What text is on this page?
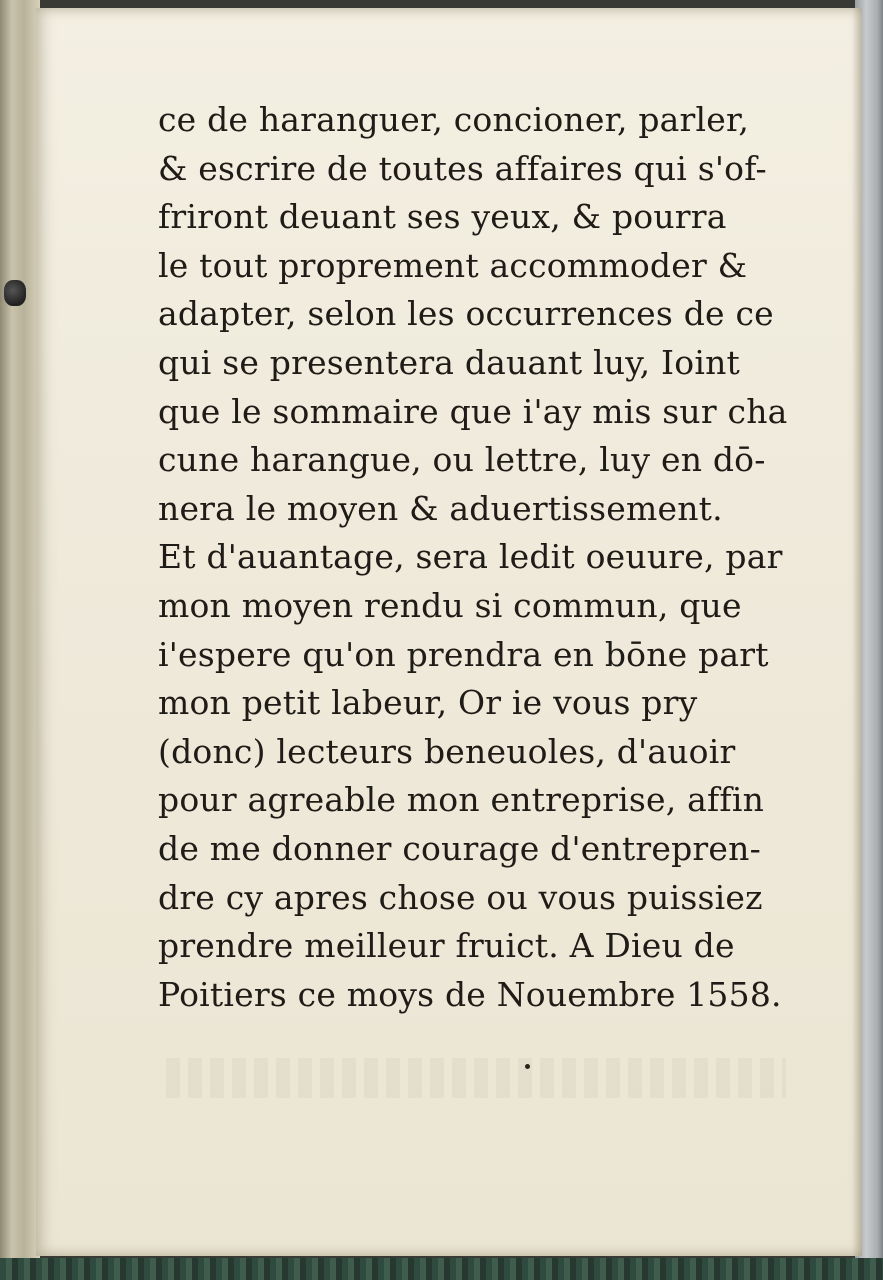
ce de haranguer, concioner, parler,
& escrire de toutes affaires qui s'of-
friront deuant ses yeux, & pourra
le tout proprement accommoder &
adapter, selon les occurrences de ce
qui se presentera dauant luy, Ioint
que le sommaire que i'ay mis sur cha
cune harangue, ou lettre, luy en dō-
nera le moyen & aduertissement.
Et d'auantage, sera ledit oeuure, par
mon moyen rendu si commun, que
i'espere qu'on prendra en bōne part
mon petit labeur, Or ie vous pry
(donc) lecteurs beneuoles, d'auoir
pour agreable mon entreprise, affin
de me donner courage d'entrepren-
dre cy apres chose ou vous puissiez
prendre meilleur fruict. A Dieu de
Poitiers ce moys de Nouembre 1558.
